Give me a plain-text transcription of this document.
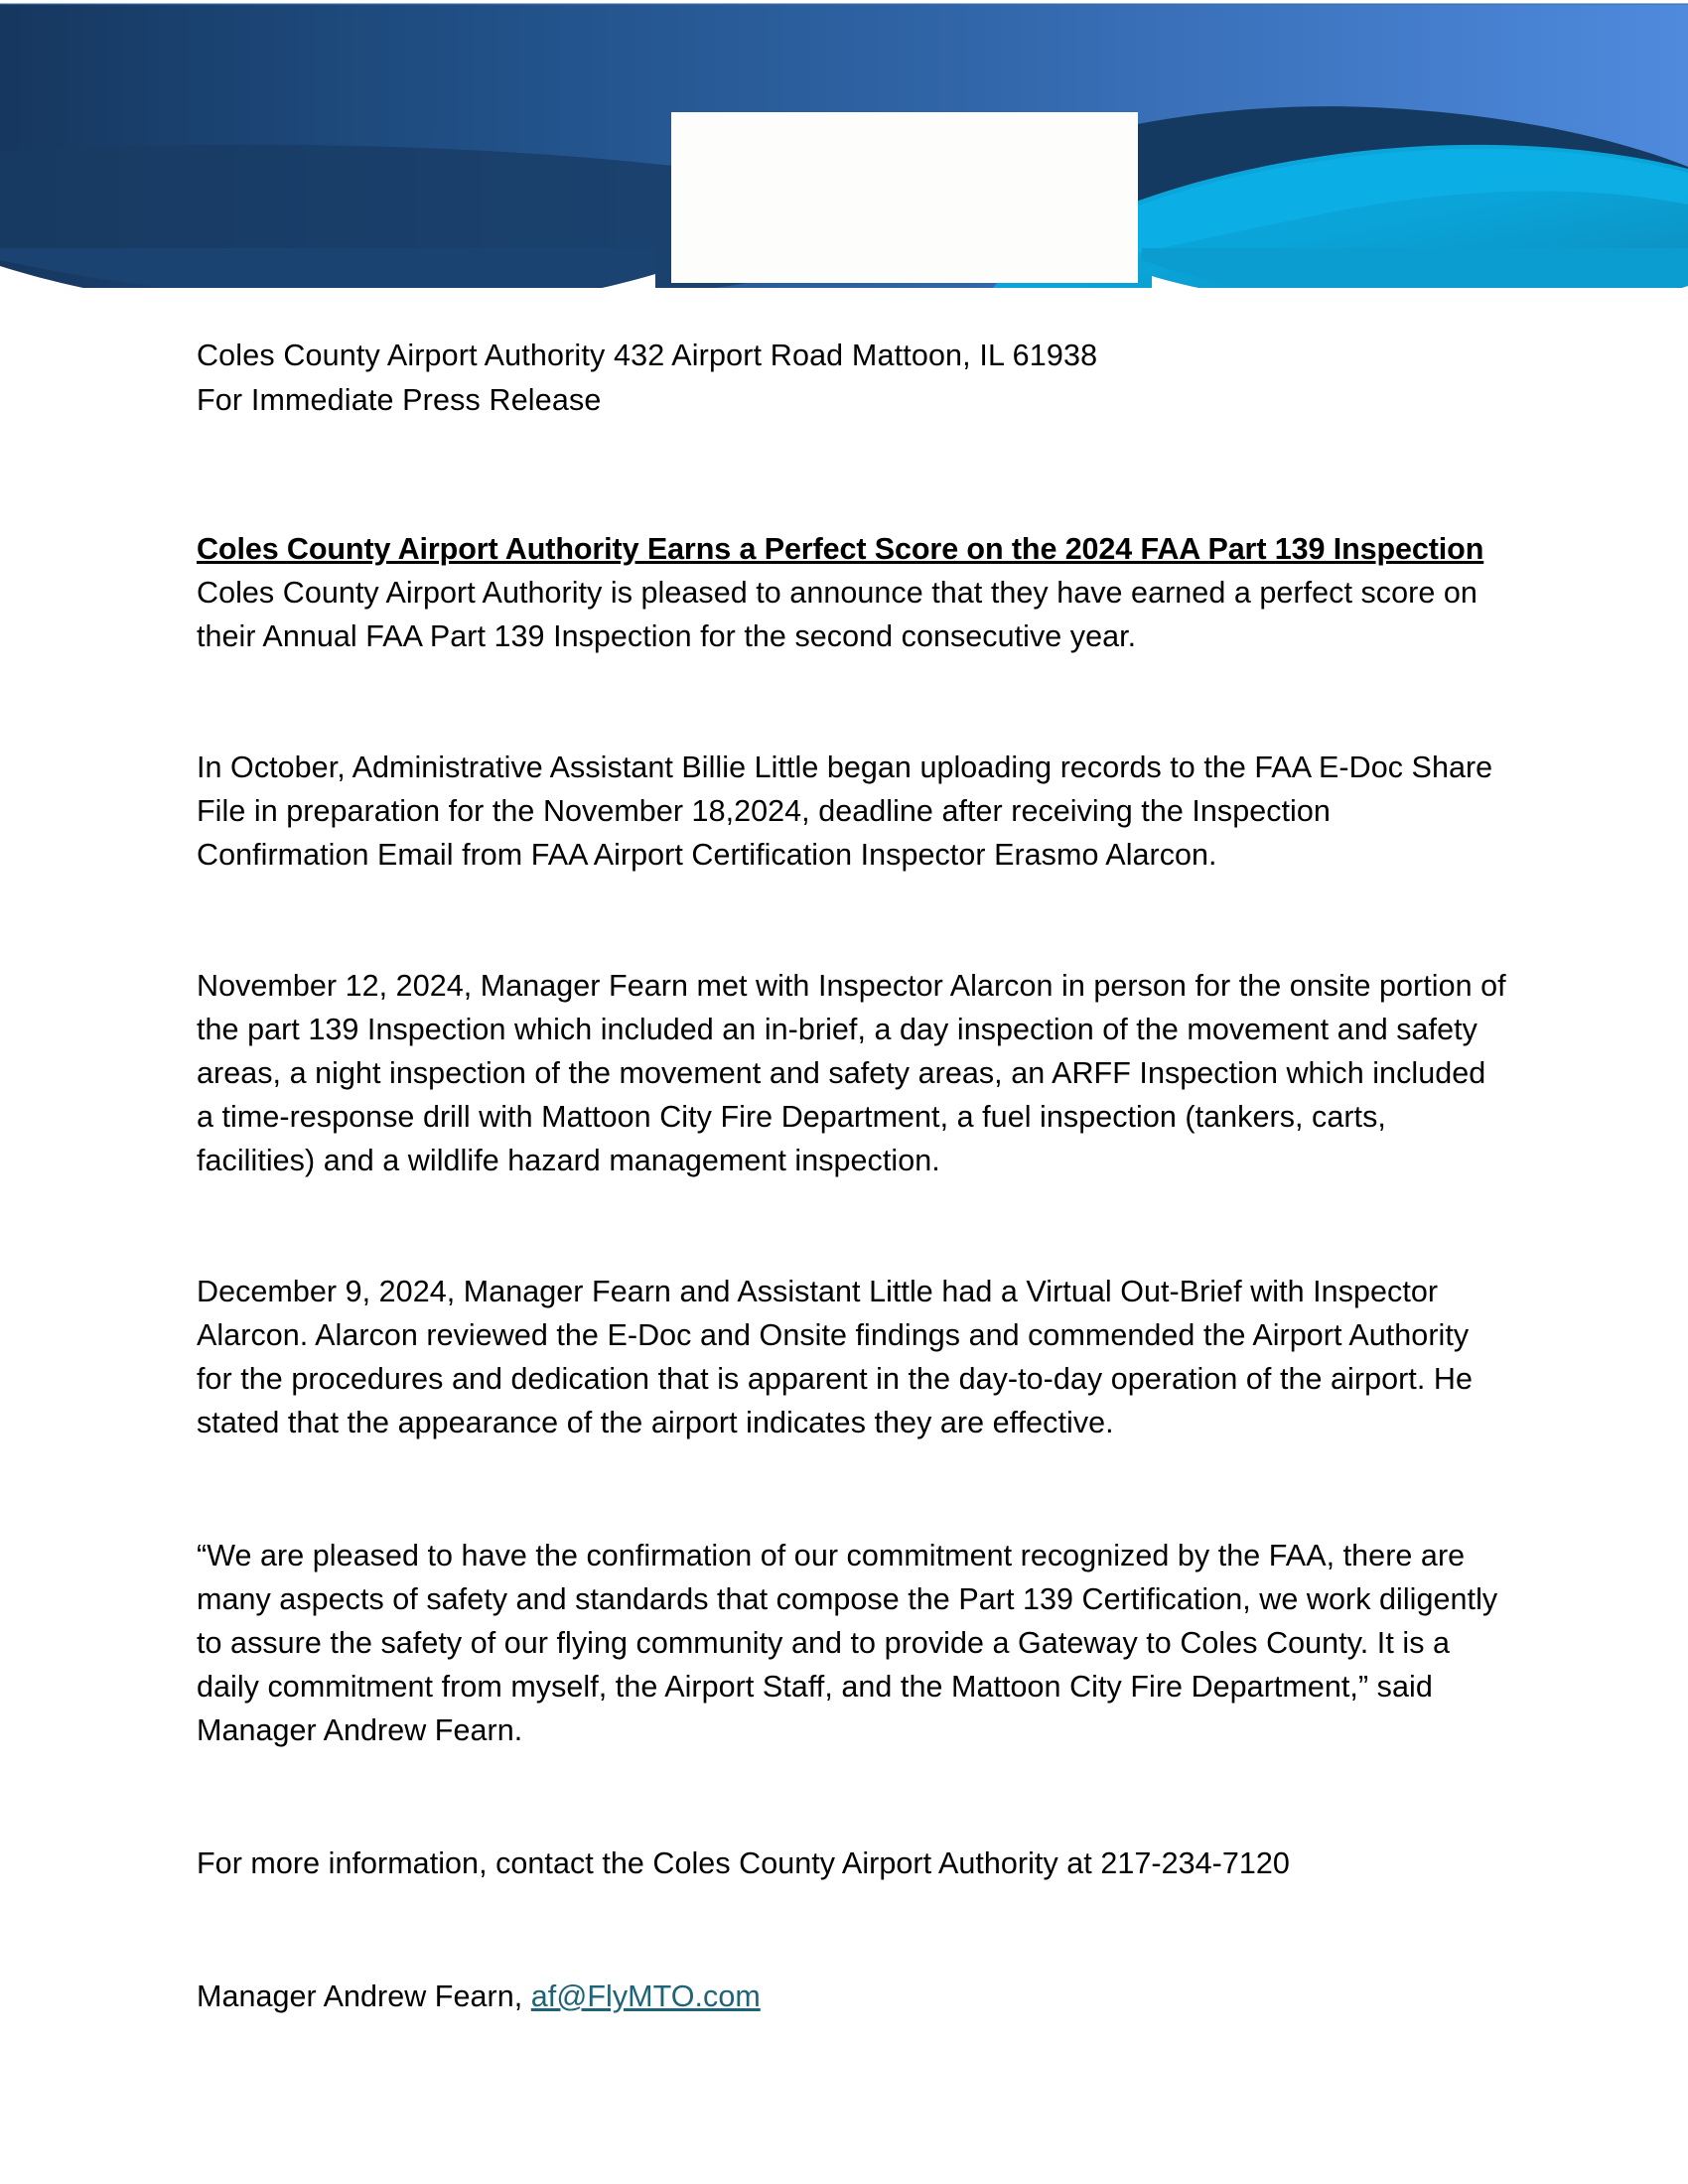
Coles County Airport Authority 432 Airport Road Mattoon, IL 61938
For Immediate Press Release
Coles County Airport Authority Earns a Perfect Score on the 2024 FAA Part 139 Inspection

Coles County Airport Authority is pleased to announce that they have earned a perfect score on their Annual FAA Part 139 Inspection for the second consecutive year.

In October, Administrative Assistant Billie Little began uploading records to the FAA E-Doc Share File in preparation for the November 18,2024, deadline after receiving the Inspection Confirmation Email from FAA Airport Certification Inspector Erasmo Alarcon.

November 12, 2024, Manager Fearn met with Inspector Alarcon in person for the onsite portion of the part 139 Inspection which included an in-brief, a day inspection of the movement and safety areas, a night inspection of the movement and safety areas, an ARFF Inspection which included a time-response drill with Mattoon City Fire Department, a fuel inspection (tankers, carts, facilities) and a wildlife hazard management inspection.

December 9, 2024, Manager Fearn and Assistant Little had a Virtual Out-Brief with Inspector Alarcon. Alarcon reviewed the E-Doc and Onsite findings and commended the Airport Authority for the procedures and dedication that is apparent in the day-to-day operation of the airport. He stated that the appearance of the airport indicates they are effective.

“We are pleased to have the confirmation of our commitment recognized by the FAA, there are many aspects of safety and standards that compose the Part 139 Certification, we work diligently to assure the safety of our flying community and to provide a Gateway to Coles County. It is a daily commitment from myself, the Airport Staff, and the Mattoon City Fire Department,” said Manager Andrew Fearn.

For more information, contact the Coles County Airport Authority at 217-234-7120

Manager Andrew Fearn, af@FlyMTO.com
